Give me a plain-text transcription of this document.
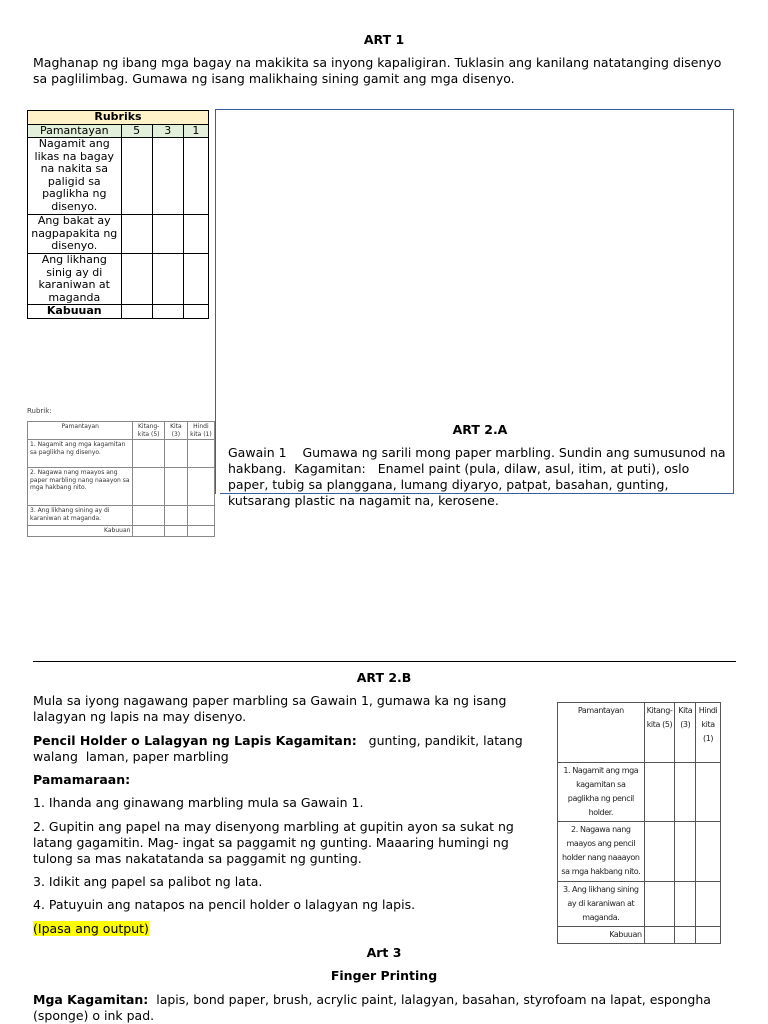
ART 1

Maghanap ng ibang mga bagay na makikita sa inyong kapaligiran. Tuklasin ang kanilang natatanging disenyo sa paglilimbag. Gumawa ng isang malikhaing sining gamit ang mga disenyo.

Rubriks			
Pamantayan	5	3	1
Nagamit ang likas na bagay na nakita sa paligid sa paglikha ng disenyo.			
Ang bakat ay nagpapakita ng disenyo.			
Ang likhang sinig ay di karaniwan at maganda			
Kabuuan			
Rubrik:
Pamantayan	Kitang-kita (5)	Kita (3)	Hindi kita (1)
1. Nagamit ang mga kagamitan sa paglikha ng disenyo.			
2. Nagawa nang maayos ang paper marbling nang naaayon sa mga hakbang nito.			
3. Ang likhang sining ay di karaniwan at maganda.			
Kabuuan			
ART 2.A

Gawain 1    Gumawa ng sarili mong paper marbling. Sundin ang sumusunod na hakbang.  Kagamitan:   Enamel paint (pula, dilaw, asul, itim, at puti), oslo paper, tubig sa planggana, lumang diyaryo, patpat, basahan, gunting, kutsarang plastic na nagamit na, kerosene.

ART 2.B

Mula sa iyong nagawang paper marbling sa Gawain 1, gumawa ka ng isang lalagyan ng lapis na may disenyo.

Pencil Holder o Lalagyan ng Lapis Kagamitan:   gunting, pandikit, latang walang  laman, paper marbling

Pamamaraan:

1. Ihanda ang ginawang marbling mula sa Gawain 1.

2. Gupitin ang papel na may disenyong marbling at gupitin ayon sa sukat ng latang gagamitin. Mag- ingat sa paggamit ng gunting. Maaaring humingi ng tulong sa mas nakatatanda sa paggamit ng gunting.

3. Idikit ang papel sa palibot ng lata.

4. Patuyuin ang natapos na pencil holder o lalagyan ng lapis.

(Ipasa ang output)

Pamantayan	Kitang-kita (5)	Kita (3)	Hindi kita (1)
1. Nagamit ang mga kagamitan sa paglikha ng pencil holder.			
2. Nagawa nang maayos ang pencil holder nang naaayon sa mga hakbang nito.			
3. Ang likhang sining ay di karaniwan at maganda.			
Kabuuan			
Art 3
Finger Printing

Mga Kagamitan:  lapis, bond paper, brush, acrylic paint, lalagyan, basahan, styrofoam na lapat, espongha (sponge) o ink pad.
